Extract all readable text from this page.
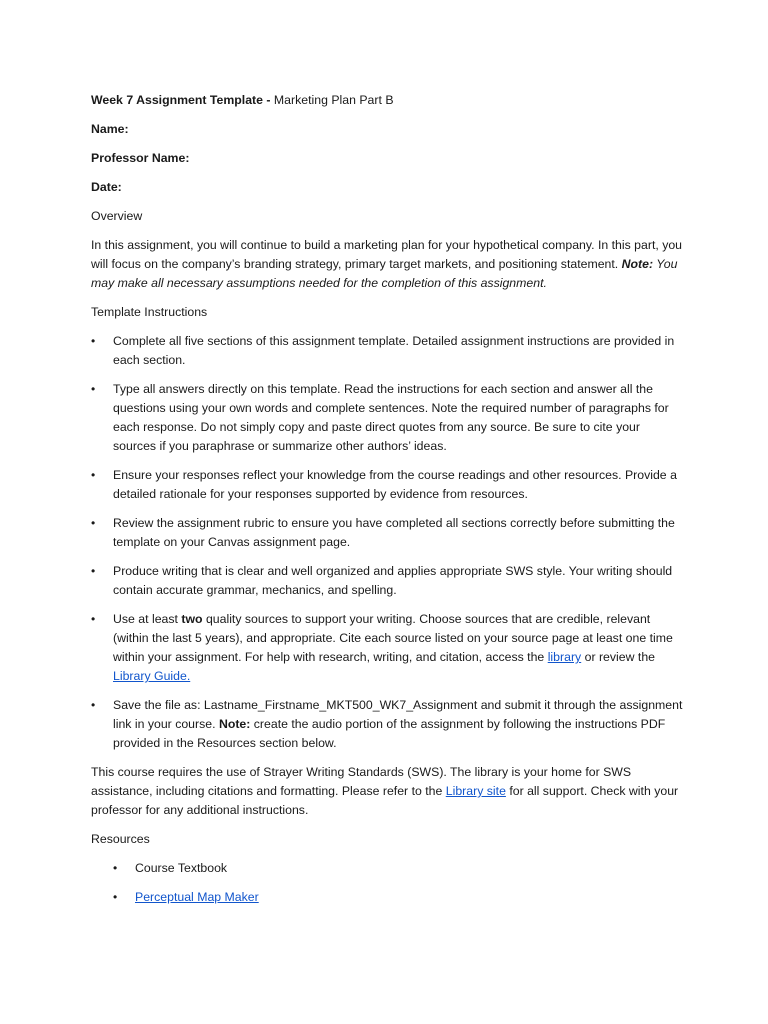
Week 7 Assignment Template - Marketing Plan Part B

Name:

Professor Name:

Date:

Overview

In this assignment, you will continue to build a marketing plan for your hypothetical company. In this part, you will focus on the company’s branding strategy, primary target markets, and positioning statement. Note: You may make all necessary assumptions needed for the completion of this assignment.

Template Instructions

• Complete all five sections of this assignment template. Detailed assignment instructions are provided in each section.
• Type all answers directly on this template. Read the instructions for each section and answer all the questions using your own words and complete sentences. Note the required number of paragraphs for each response. Do not simply copy and paste direct quotes from any source. Be sure to cite your sources if you paraphrase or summarize other authors’ ideas.
• Ensure your responses reflect your knowledge from the course readings and other resources. Provide a detailed rationale for your responses supported by evidence from resources.
• Review the assignment rubric to ensure you have completed all sections correctly before submitting the template on your Canvas assignment page.
• Produce writing that is clear and well organized and applies appropriate SWS style. Your writing should contain accurate grammar, mechanics, and spelling.
• Use at least two quality sources to support your writing. Choose sources that are credible, relevant (within the last 5 years), and appropriate. Cite each source listed on your source page at least one time within your assignment. For help with research, writing, and citation, access the library or review the Library Guide.
• Save the file as: Lastname_Firstname_MKT500_WK7_Assignment and submit it through the assignment link in your course. Note: create the audio portion of the assignment by following the instructions PDF provided in the Resources section below.

This course requires the use of Strayer Writing Standards (SWS). The library is your home for SWS assistance, including citations and formatting. Please refer to the Library site for all support. Check with your professor for any additional instructions.

Resources

• Course Textbook
• Perceptual Map Maker
